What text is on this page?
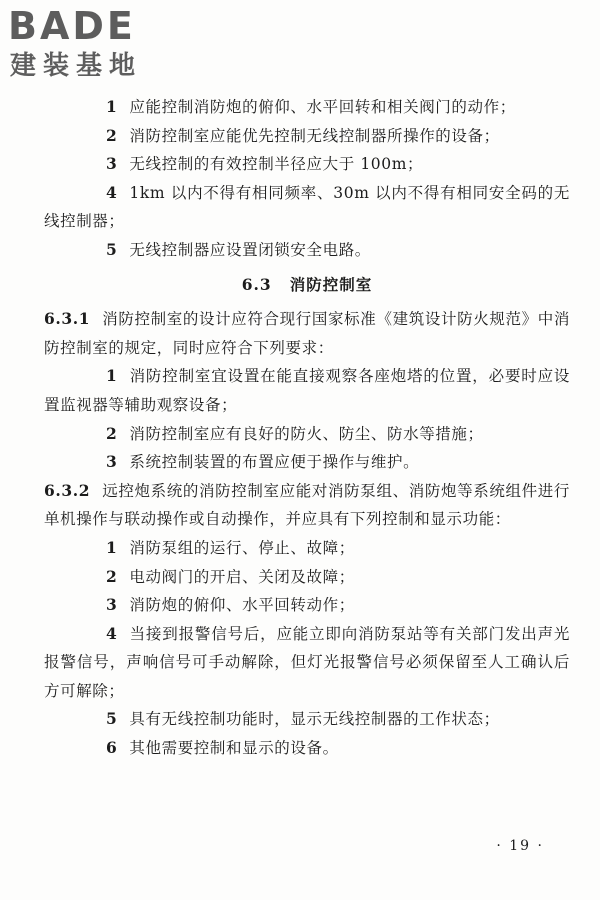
BADE
建装基地

1 应能控制消防炮的俯仰、水平回转和相关阀门的动作；

2 消防控制室应能优先控制无线控制器所操作的设备；

3 无线控制的有效控制半径应大于 100m；

4 1km 以内不得有相同频率、30m 以内不得有相同安全码的无线控制器；

5 无线控制器应设置闭锁安全电路。

6.3 消防控制室

6.3.1 消防控制室的设计应符合现行国家标准《建筑设计防火规范》中消防控制室的规定，同时应符合下列要求：

1 消防控制室宜设置在能直接观察各座炮塔的位置，必要时应设置监视器等辅助观察设备；

2 消防控制室应有良好的防火、防尘、防水等措施；

3 系统控制装置的布置应便于操作与维护。

6.3.2 远控炮系统的消防控制室应能对消防泵组、消防炮等系统组件进行单机操作与联动操作或自动操作，并应具有下列控制和显示功能：

1 消防泵组的运行、停止、故障；

2 电动阀门的开启、关闭及故障；

3 消防炮的俯仰、水平回转动作；

4 当接到报警信号后，应能立即向消防泵站等有关部门发出声光报警信号，声响信号可手动解除，但灯光报警信号必须保留至人工确认后方可解除；

5 具有无线控制功能时，显示无线控制器的工作状态；

6 其他需要控制和显示的设备。

· 19 ·
